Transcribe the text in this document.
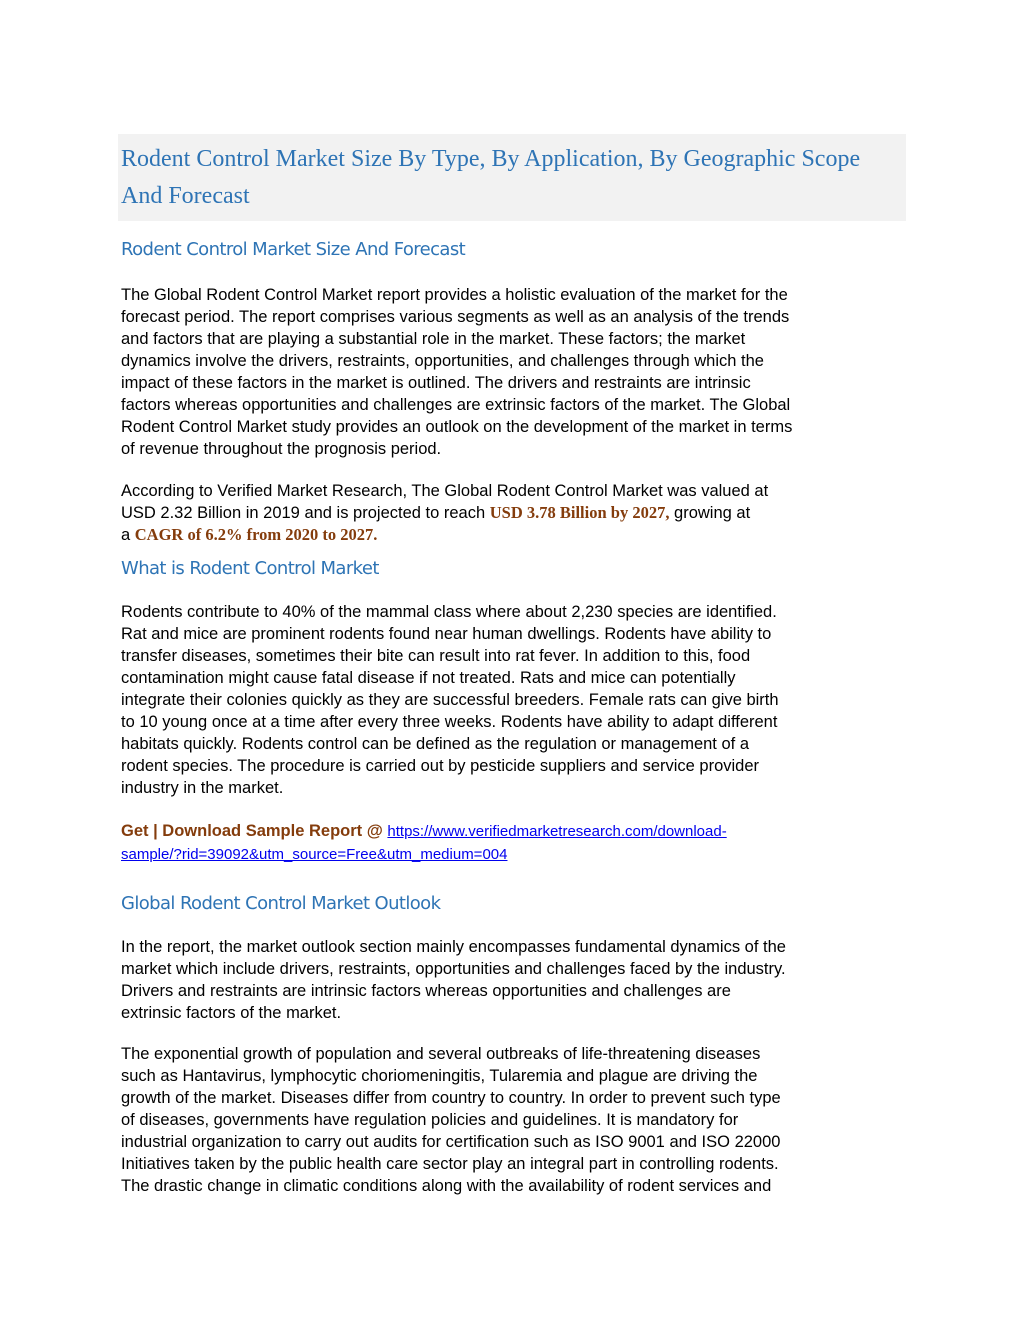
Rodent Control Market Size By Type, By Application, By Geographic Scope
And Forecast
Rodent Control Market Size And Forecast

The Global Rodent Control Market report provides a holistic evaluation of the market for the
forecast period. The report comprises various segments as well as an analysis of the trends
and factors that are playing a substantial role in the market. These factors; the market
dynamics involve the drivers, restraints, opportunities, and challenges through which the
impact of these factors in the market is outlined. The drivers and restraints are intrinsic
factors whereas opportunities and challenges are extrinsic factors of the market. The Global
Rodent Control Market study provides an outlook on the development of the market in terms
of revenue throughout the prognosis period.

According to Verified Market Research, The Global Rodent Control Market was valued at
USD 2.32 Billion in 2019 and is projected to reach USD 3.78 Billion by 2027, growing at
a CAGR of 6.2% from 2020 to 2027.

What is Rodent Control Market

Rodents contribute to 40% of the mammal class where about 2,230 species are identified.
Rat and mice are prominent rodents found near human dwellings. Rodents have ability to
transfer diseases, sometimes their bite can result into rat fever. In addition to this, food
contamination might cause fatal disease if not treated. Rats and mice can potentially
integrate their colonies quickly as they are successful breeders. Female rats can give birth
to 10 young once at a time after every three weeks. Rodents have ability to adapt different
habitats quickly. Rodents control can be defined as the regulation or management of a
rodent species. The procedure is carried out by pesticide suppliers and service provider
industry in the market.

Get | Download Sample Report @ https://www.verifiedmarketresearch.com/download-
sample/?rid=39092&utm_source=Free&utm_medium=004

Global Rodent Control Market Outlook

In the report, the market outlook section mainly encompasses fundamental dynamics of the
market which include drivers, restraints, opportunities and challenges faced by the industry.
Drivers and restraints are intrinsic factors whereas opportunities and challenges are
extrinsic factors of the market.

The exponential growth of population and several outbreaks of life-threatening diseases
such as Hantavirus, lymphocytic choriomeningitis, Tularemia and plague are driving the
growth of the market. Diseases differ from country to country. In order to prevent such type
of diseases, governments have regulation policies and guidelines. It is mandatory for
industrial organization to carry out audits for certification such as ISO 9001 and ISO 22000
Initiatives taken by the public health care sector play an integral part in controlling rodents.
The drastic change in climatic conditions along with the availability of rodent services and
